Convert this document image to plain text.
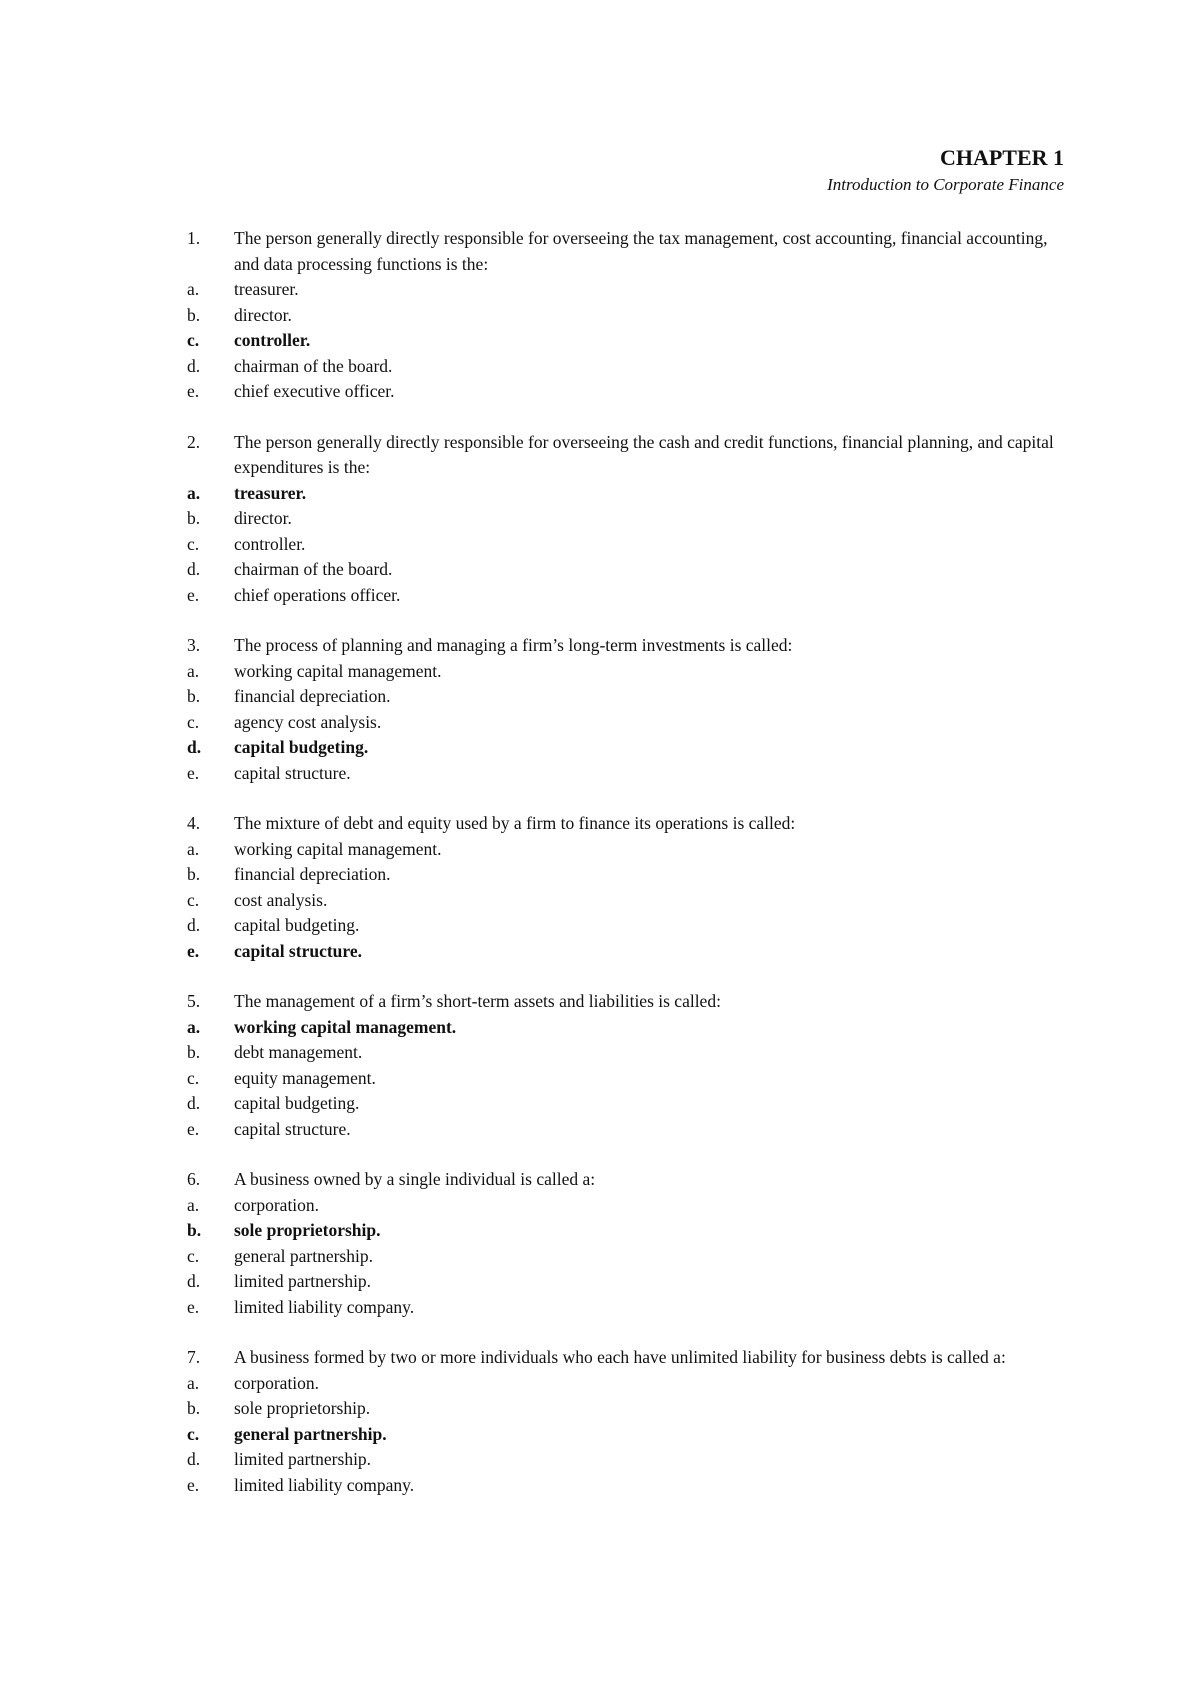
CHAPTER 1
Introduction to Corporate Finance
1.	The person generally directly responsible for overseeing the tax management, cost accounting, financial accounting, and data processing functions is the:
a.	treasurer.
b.	director.
c.	controller.
d.	chairman of the board.
e.	chief executive officer.
2.	The person generally directly responsible for overseeing the cash and credit functions, financial planning, and capital expenditures is the:
a.	treasurer.
b.	director.
c.	controller.
d.	chairman of the board.
e.	chief operations officer.
3.	The process of planning and managing a firm’s long-term investments is called:
a.	working capital management.
b.	financial depreciation.
c.	agency cost analysis.
d.	capital budgeting.
e.	capital structure.
4.	The mixture of debt and equity used by a firm to finance its operations is called:
a.	working capital management.
b.	financial depreciation.
c.	cost analysis.
d.	capital budgeting.
e.	capital structure.
5.	The management of a firm’s short-term assets and liabilities is called:
a.	working capital management.
b.	debt management.
c.	equity management.
d.	capital budgeting.
e.	capital structure.
6.	A business owned by a single individual is called a:
a.	corporation.
b.	sole proprietorship.
c.	general partnership.
d.	limited partnership.
e.	limited liability company.
7.	A business formed by two or more individuals who each have unlimited liability for business debts is called a:
a.	corporation.
b.	sole proprietorship.
c.	general partnership.
d.	limited partnership.
e.	limited liability company.
